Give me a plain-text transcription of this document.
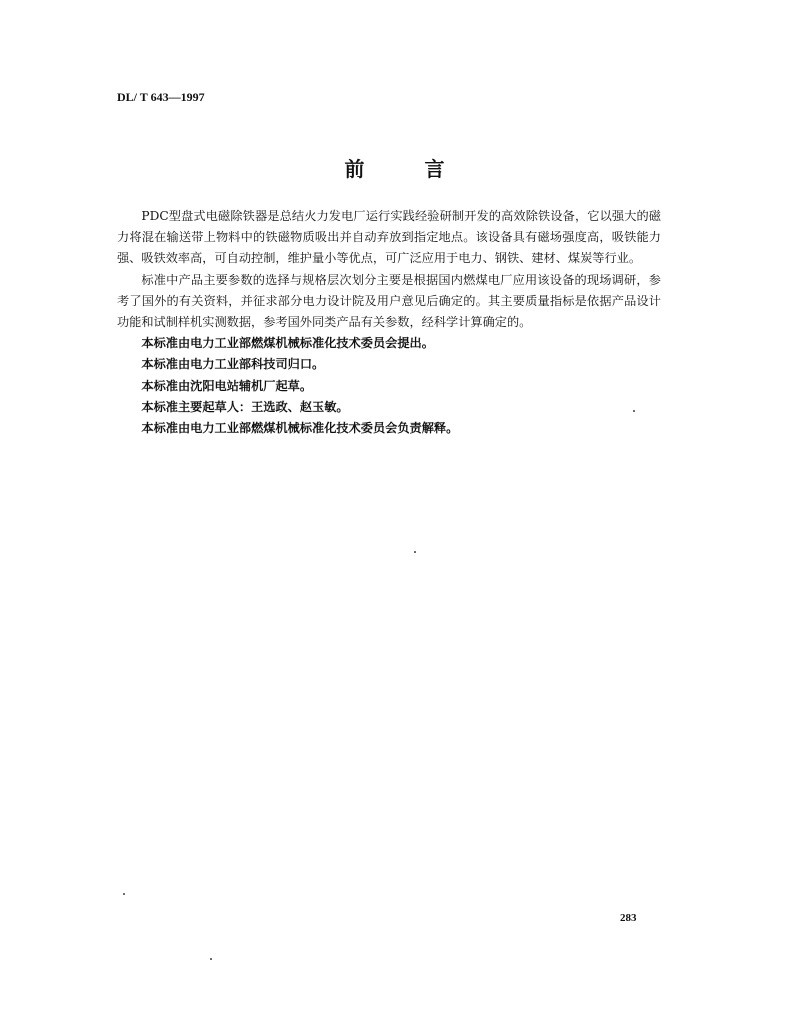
DL/ T 643—1997
前	言

PDC型盘式电磁除铁器是总结火力发电厂运行实践经验研制开发的高效除铁设备，它以强大的磁力将混在输送带上物料中的铁磁物质吸出并自动弃放到指定地点。该设备具有磁场强度高，吸铁能力强、吸铁效率高，可自动控制，维护量小等优点，可广泛应用于电力、钢铁、建材、煤炭等行业。

标准中产品主要参数的选择与规格层次划分主要是根据国内燃煤电厂应用该设备的现场调研，参考了国外的有关资料，并征求部分电力设计院及用户意见后确定的。其主要质量指标是依据产品设计功能和试制样机实测数据，参考国外同类产品有关参数，经科学计算确定的。

本标准由电力工业部燃煤机械标准化技术委员会提出。

本标准由电力工业部科技司归口。

本标准由沈阳电站辅机厂起草。

本标准主要起草人：王选政、赵玉敏。

本标准由电力工业部燃煤机械标准化技术委员会负责解释。

283
